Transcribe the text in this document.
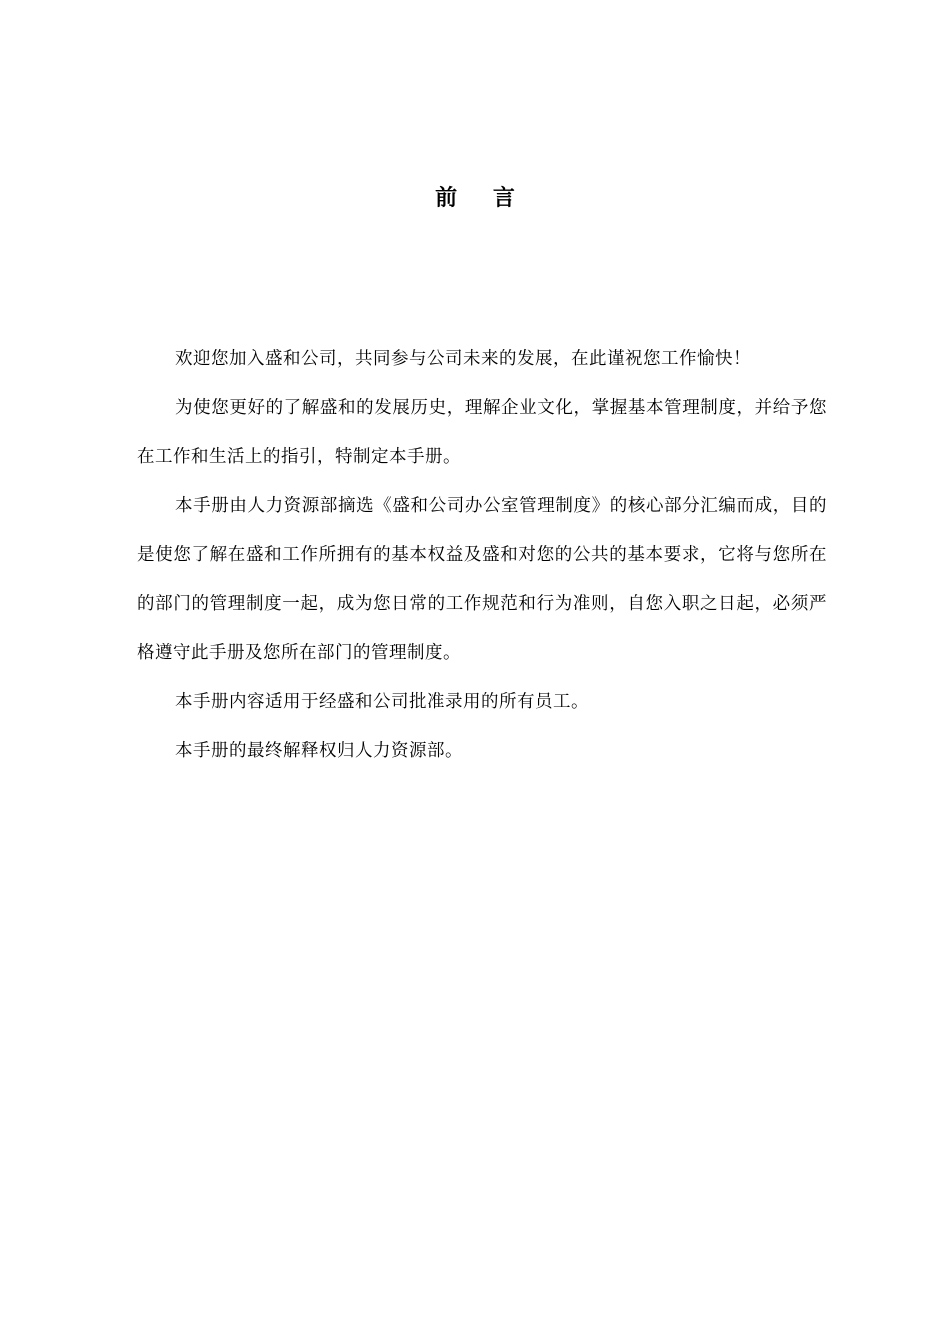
前 言

欢迎您加入盛和公司，共同参与公司未来的发展，在此谨祝您工作愉快！

为使您更好的了解盛和的发展历史，理解企业文化，掌握基本管理制度，并给予您在工作和生活上的指引，特制定本手册。

本手册由人力资源部摘选《盛和公司办公室管理制度》的核心部分汇编而成，目的是使您了解在盛和工作所拥有的基本权益及盛和对您的公共的基本要求，它将与您所在的部门的管理制度一起，成为您日常的工作规范和行为准则，自您入职之日起，必须严格遵守此手册及您所在部门的管理制度。

本手册内容适用于经盛和公司批准录用的所有员工。

本手册的最终解释权归人力资源部。
